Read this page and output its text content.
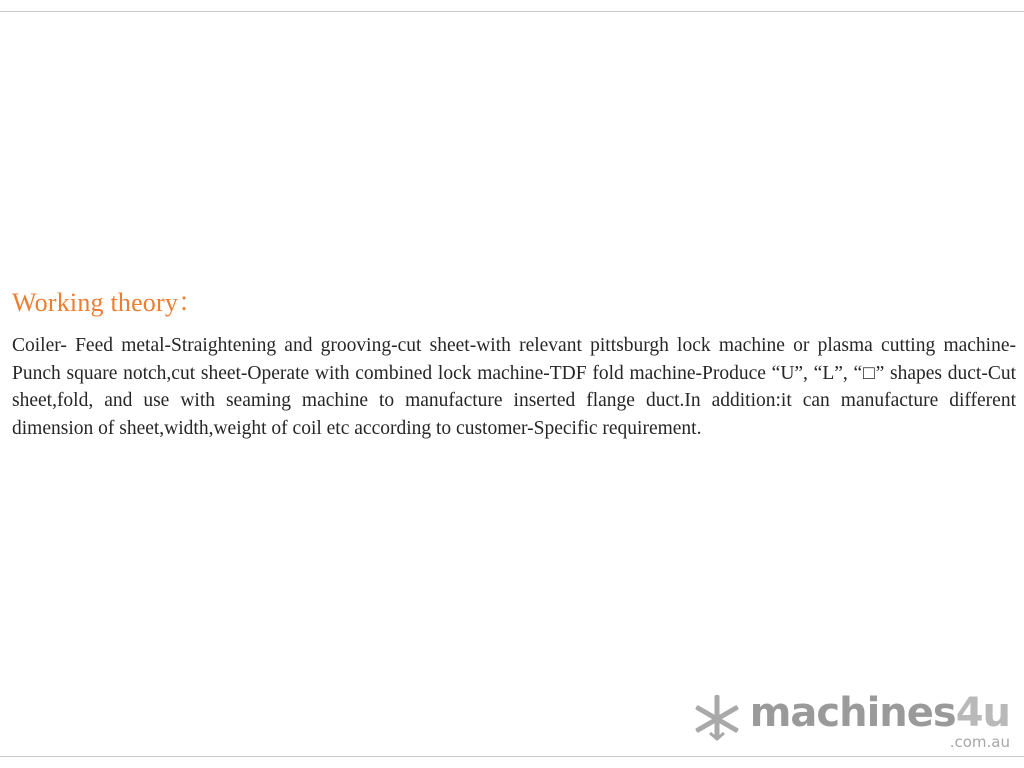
Working theory：

Coiler- Feed metal-Straightening and grooving-cut sheet-with relevant pittsburgh lock machine or plasma cutting machine-Punch square notch,cut sheet-Operate with combined lock machine-TDF fold machine-Produce “U”, “L”, “□” shapes duct-Cut sheet,fold, and use with seaming machine to manufacture inserted flange duct.In addition:it can manufacture different dimension of sheet,width,weight of coil etc according to customer-Specific requirement.

machines4u
.com.au
